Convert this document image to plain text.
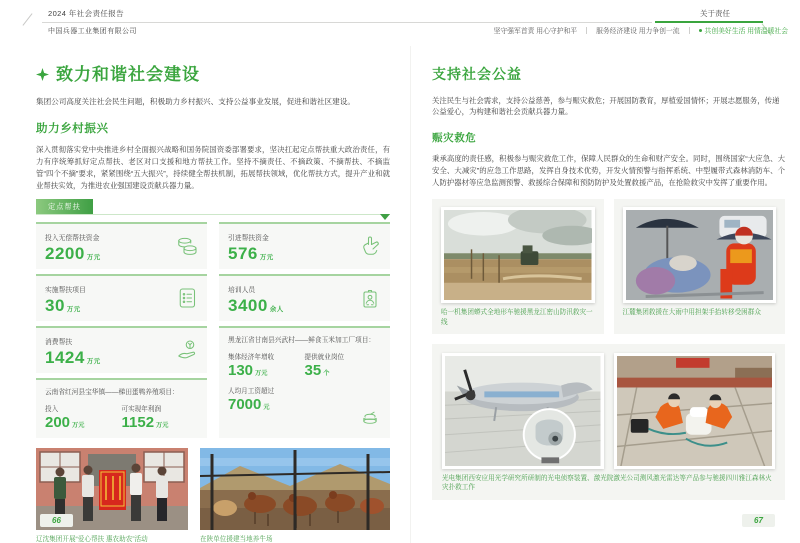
2024 年社会责任报告
中国兵器工业集团有限公司
关于责任
坚守强军首责 用心守护和平	服务经济建设 用力争创一流	共创美好生活 用情温暖社会
致力和谐社会建设

集团公司高度关注社会民生问题，积极助力乡村振兴、支持公益事业发展，促进和谐社区建设。

助力乡村振兴

深入贯彻落实党中央推进乡村全面振兴战略和国务院国资委部署要求，坚决扛起定点帮扶重大政治责任，有力有序统筹抓好定点帮扶、老区对口支援和地方帮扶工作。坚持不摘责任、不摘政策、不摘帮扶、不摘监管“四个不摘”要求，紧紧围绕“五大振兴”，持续健全帮扶机制，拓展帮扶领域，优化帮扶方式，提升产业和就业帮扶实效，为推进农业强国建设贡献兵器力量。

定点帮扶
投入无偿帮扶资金
2200 万元
实施帮扶项目
30 万元
消费帮扶
1424 万元
云南省红河县宝华镇——梯田蛋鸭养殖项目：
投入
200 万元
可实现年利润
1152 万元
引进帮扶资金
576 万元
培训人员
3400 余人
黑龙江省甘南县兴武村——鲜食玉米加工厂项目：
集体经济年增收
130 万元
提供就业岗位
35 个
人均月工资超过
7000 元
辽沈集团开展“爱心帮扶 惠农助农”活动	在陕单位援建当地养牛场
支持社会公益

关注民生与社会需求，支持公益慈善，参与赈灾救危；开展国防教育，厚植爱国情怀；开展志愿服务，传递公益爱心，为构建和谐社会贡献兵器力量。

赈灾救危

秉承高度的责任感，积极参与赈灾救危工作，保障人民群众的生命和财产安全。同时，围绕国家“大应急、大安全、大减灾”的应急工作思路，发挥自身技术优势，开发火情预警与指挥系统、中型履带式森林消防车、个人防护器材等应急监测预警、救援综合保障和预防防护及处置救援产品，在抢险救灾中发挥了重要作用。

哈一机集团蟒式全地形车驰援黑龙江密山防汛救灾一线
江麓集团救援在大雨中用担架手抬转移受困群众
光电集团西安应用光学研究所研制的光电侦察装置、激光院激光公司测风激光雷达等产品参与驰援四川雅江森林火灾扑救工作
66	67
